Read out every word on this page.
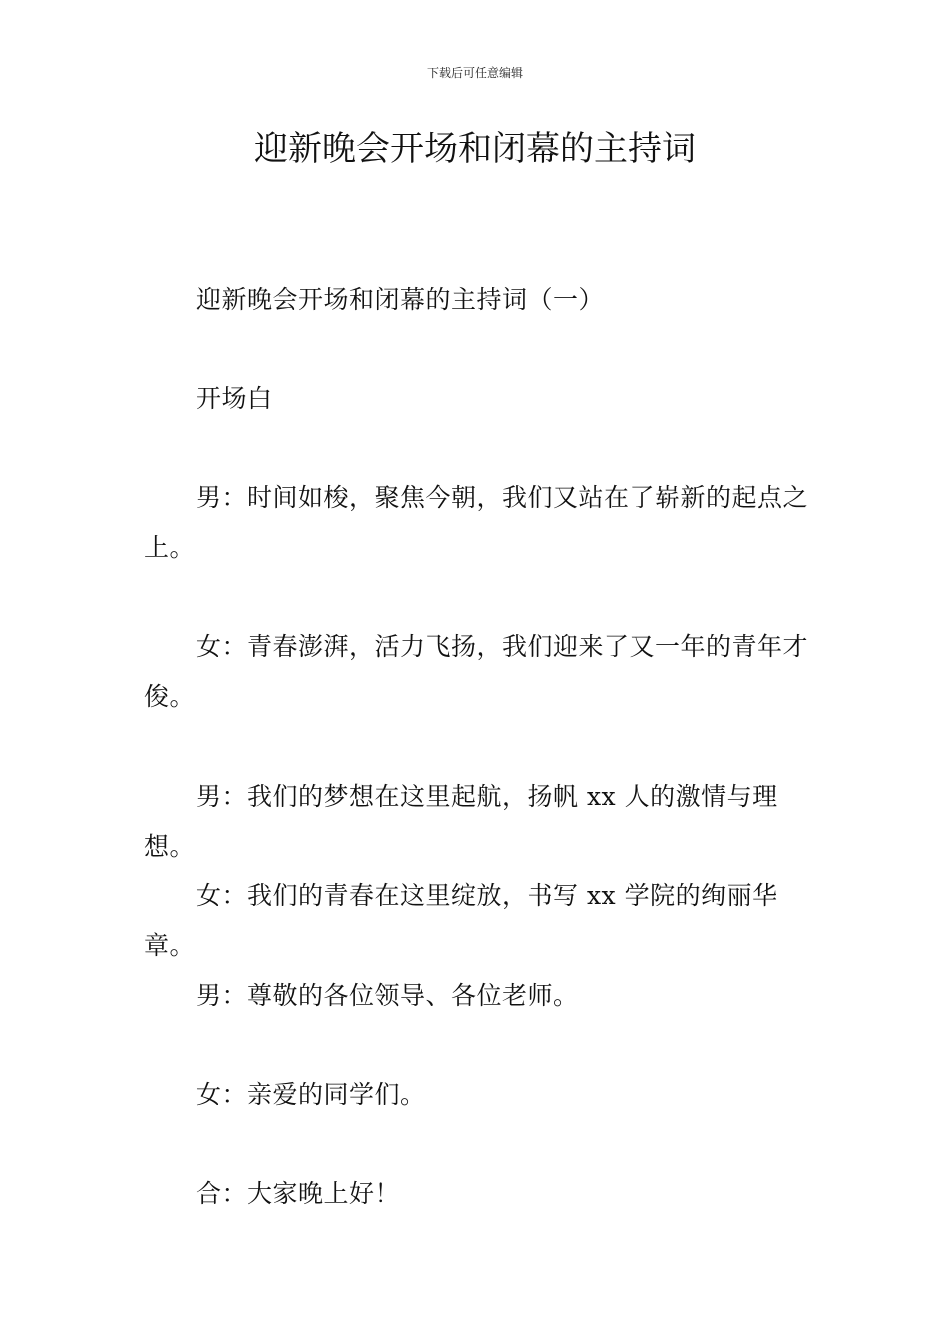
下载后可任意编辑
迎新晚会开场和闭幕的主持词

迎新晚会开场和闭幕的主持词（一）

开场白

男：时间如梭，聚焦今朝，我们又站在了崭新的起点之上。

女：青春澎湃，活力飞扬，我们迎来了又一年的青年才俊。

男：我们的梦想在这里起航，扬帆 xx 人的激情与理想。

女：我们的青春在这里绽放，书写 xx 学院的绚丽华章。

男：尊敬的各位领导、各位老师。

女：亲爱的同学们。

合：大家晚上好！
